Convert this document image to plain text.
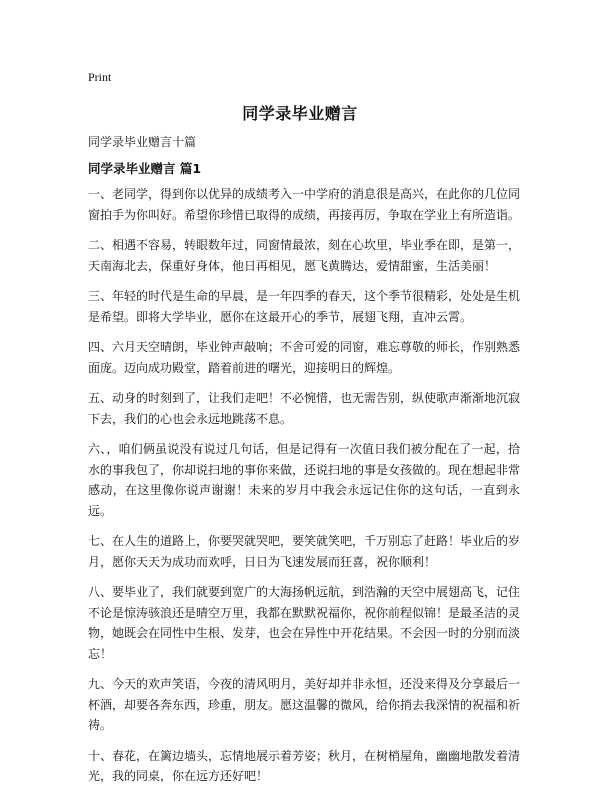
Print
同学录毕业赠言

同学录毕业赠言十篇

同学录毕业赠言 篇1

一、老同学，得到你以优异的成绩考入一中学府的消息很是高兴，在此你的几位同窗拍手为你叫好。希望你珍惜已取得的成绩，再接再厉，争取在学业上有所造诣。

二、相遇不容易，转眼数年过，同窗情最浓，刻在心坎里，毕业季在即，是第一，天南海北去，保重好身体，他日再相见，愿飞黄腾达，爱情甜蜜，生活美丽！

三、年轻的时代是生命的早晨，是一年四季的春天，这个季节很精彩，处处是生机是希望。即将大学毕业，愿你在这最开心的季节，展翅飞翔，直冲云霄。

四、六月天空晴朗，毕业钟声敲响；不舍可爱的同窗，难忘尊敬的师长，作别熟悉面庞。迈向成功殿堂，踏着前进的曙光，迎接明日的辉煌。

五、动身的时刻到了，让我们走吧！不必惋惜，也无需告别，纵使歌声渐渐地沉寂下去，我们的心也会永远地跳荡不息。

六、，咱们俩虽说没有说过几句话，但是记得有一次值日我们被分配在了一起，拾水的事我包了，你却说扫地的事你来做，还说扫地的事是女孩做的。现在想起非常感动，在这里像你说声谢谢！未来的岁月中我会永远记住你的这句话，一直到永远。

七、在人生的道路上，你要哭就哭吧，要笑就笑吧，千万别忘了赶路！毕业后的岁月，愿你天天为成功而欢呼，日日为飞速发展而狂喜，祝你顺利！

八、要毕业了，我们就要到宽广的大海扬帆远航，到浩瀚的天空中展翅高飞，记住不论是惊涛骇浪还是晴空万里，我都在默默祝福你，祝你前程似锦！是最圣洁的灵物，她既会在同性中生根、发芽，也会在异性中开花结果。不会因一时的分别而淡忘！

九、今天的欢声笑语，今夜的清风明月，美好却并非永恒，还没来得及分享最后一杯酒，却要各奔东西，珍重，朋友。愿这温馨的微风，给你捎去我深情的祝福和祈祷。

十、春花，在篱边墙头，忘情地展示着芳姿；秋月，在树梢屋角，幽幽地散发着清光，我的同桌，你在远方还好吧！
